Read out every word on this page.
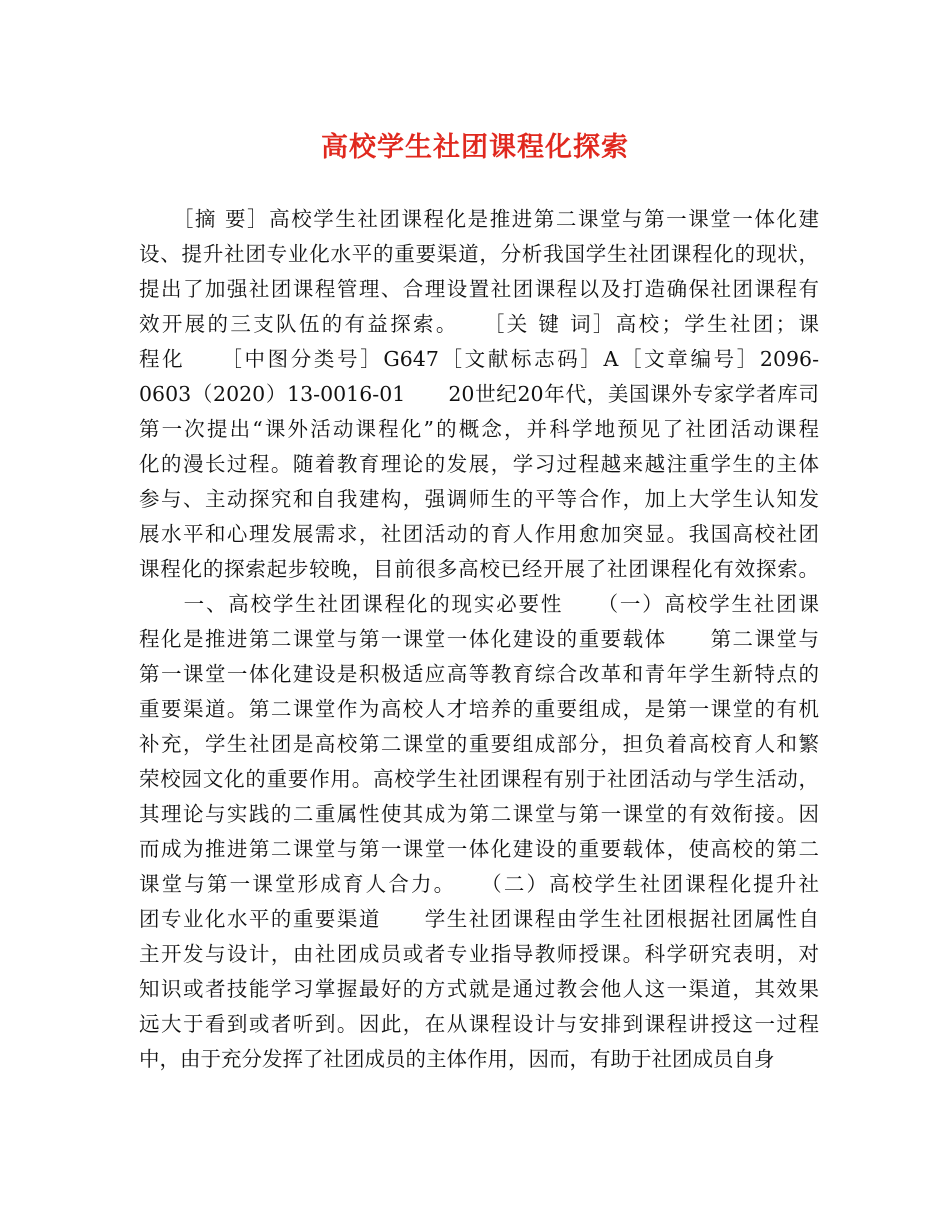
高校学生社团课程化探索
　　［摘 要］高校学生社团课程化是推进第二课堂与第一课堂一体化建
设、提升社团专业化水平的重要渠道，分析我国学生社团课程化的现状，
提出了加强社团课程管理、合理设置社团课程以及打造确保社团课程有
效开展的三支队伍的有益探索。　　［关 键 词］高校；学生社团；课
程化　　［中图分类号］G647［文献标志码］A［文章编号］2096-
0603（2020）13-0016-01　　20世纪20年代，美国课外专家学者库司
第一次提出“课外活动课程化”的概念，并科学地预见了社团活动课程
化的漫长过程。随着教育理论的发展，学习过程越来越注重学生的主体
参与、主动探究和自我建构，强调师生的平等合作，加上大学生认知发
展水平和心理发展需求，社团活动的育人作用愈加突显。我国高校社团
课程化的探索起步较晚，目前很多高校已经开展了社团课程化有效探索。
　　一、高校学生社团课程化的现实必要性　　（一）高校学生社团课
程化是推进第二课堂与第一课堂一体化建设的重要载体　　第二课堂与
第一课堂一体化建设是积极适应高等教育综合改革和青年学生新特点的
重要渠道。第二课堂作为高校人才培养的重要组成，是第一课堂的有机
补充，学生社团是高校第二课堂的重要组成部分，担负着高校育人和繁
荣校园文化的重要作用。高校学生社团课程有别于社团活动与学生活动，
其理论与实践的二重属性使其成为第二课堂与第一课堂的有效衔接。因
而成为推进第二课堂与第一课堂一体化建设的重要载体，使高校的第二
课堂与第一课堂形成育人合力。　　（二）高校学生社团课程化提升社
团专业化水平的重要渠道　　学生社团课程由学生社团根据社团属性自
主开发与设计，由社团成员或者专业指导教师授课。科学研究表明，对
知识或者技能学习掌握最好的方式就是通过教会他人这一渠道，其效果
远大于看到或者听到。因此，在从课程设计与安排到课程讲授这一过程
中，由于充分发挥了社团成员的主体作用，因而，有助于社团成员自身
